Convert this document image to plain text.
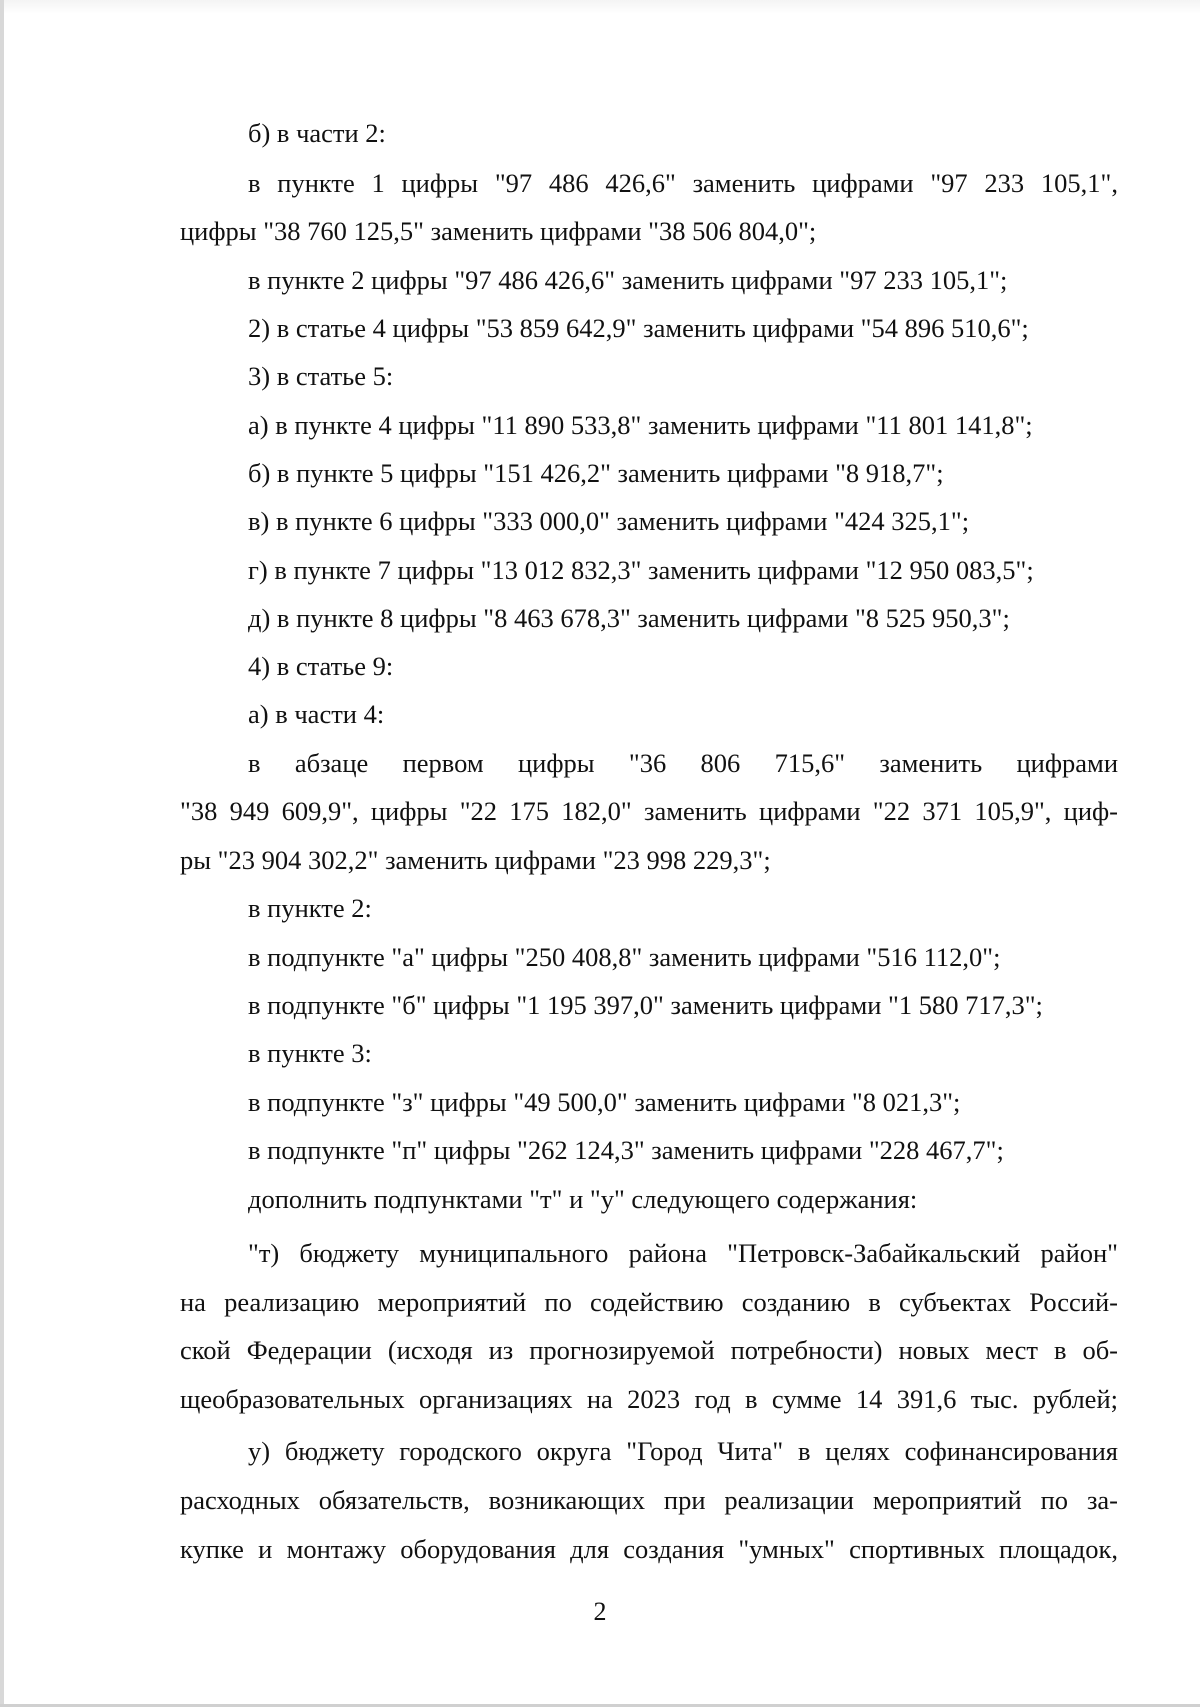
б) в части 2:
в пункте 1 цифры "97 486 426,6" заменить цифрами "97 233 105,1",
цифры "38 760 125,5" заменить цифрами "38 506 804,0";
в пункте 2 цифры "97 486 426,6" заменить цифрами "97 233 105,1";
2) в статье 4 цифры "53 859 642,9" заменить цифрами "54 896 510,6";
3) в статье 5:
а) в пункте 4 цифры "11 890 533,8" заменить цифрами "11 801 141,8";
б) в пункте 5 цифры "151 426,2" заменить цифрами "8 918,7";
в) в пункте 6 цифры "333 000,0" заменить цифрами "424 325,1";
г) в пункте 7 цифры "13 012 832,3" заменить цифрами "12 950 083,5";
д) в пункте 8 цифры "8 463 678,3" заменить цифрами "8 525 950,3";
4) в статье 9:
а) в части 4:
в абзаце первом цифры "36 806 715,6" заменить цифрами
"38 949 609,9", цифры "22 175 182,0" заменить цифрами "22 371 105,9", циф-
ры "23 904 302,2" заменить цифрами "23 998 229,3";
в пункте 2:
в подпункте "а" цифры "250 408,8" заменить цифрами "516 112,0";
в подпункте "б" цифры "1 195 397,0" заменить цифрами "1 580 717,3";
в пункте 3:
в подпункте "з" цифры "49 500,0" заменить цифрами "8 021,3";
в подпункте "п" цифры "262 124,3" заменить цифрами "228 467,7";
дополнить подпунктами "т" и "у" следующего содержания:
"т) бюджету муниципального района "Петровск-Забайкальский район"
на реализацию мероприятий по содействию созданию в субъектах Россий-
ской Федерации (исходя из прогнозируемой потребности) новых мест в об-
щеобразовательных организациях на 2023 год в сумме 14 391,6 тыс. рублей;
у) бюджету городского округа "Город Чита" в целях софинансирования
расходных обязательств, возникающих при реализации мероприятий по за-
купке и монтажу оборудования для создания "умных" спортивных площадок,
2
